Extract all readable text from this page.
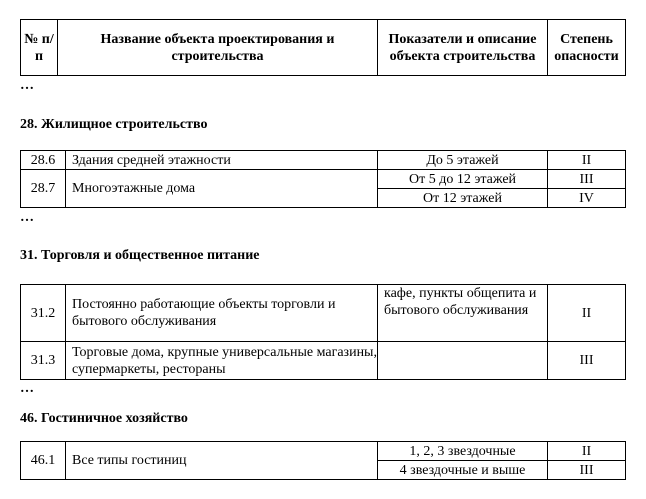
№ п/п	Название объекта проектирования и строительства	Показатели и описание объекта строительства	Степень опасности
…
28. Жилищное строительство
28.6	Здания средней этажности	До 5 этажей	II
28.7	Многоэтажные дома	От 5 до 12 этажей	III
		От 12 этажей	IV
…
31. Торговля и общественное питание
31.2	Постоянно работающие объекты торговли и бытового обслуживания	кафе, пункты общепита и бытового обслуживания	II
31.3	Торговые дома, крупные универсальные магазины, супермаркеты, рестораны		III
…
46. Гостиничное хозяйство
46.1	Все типы гостиниц	1, 2, 3 звездочные	II
		4 звездочные и выше	III
